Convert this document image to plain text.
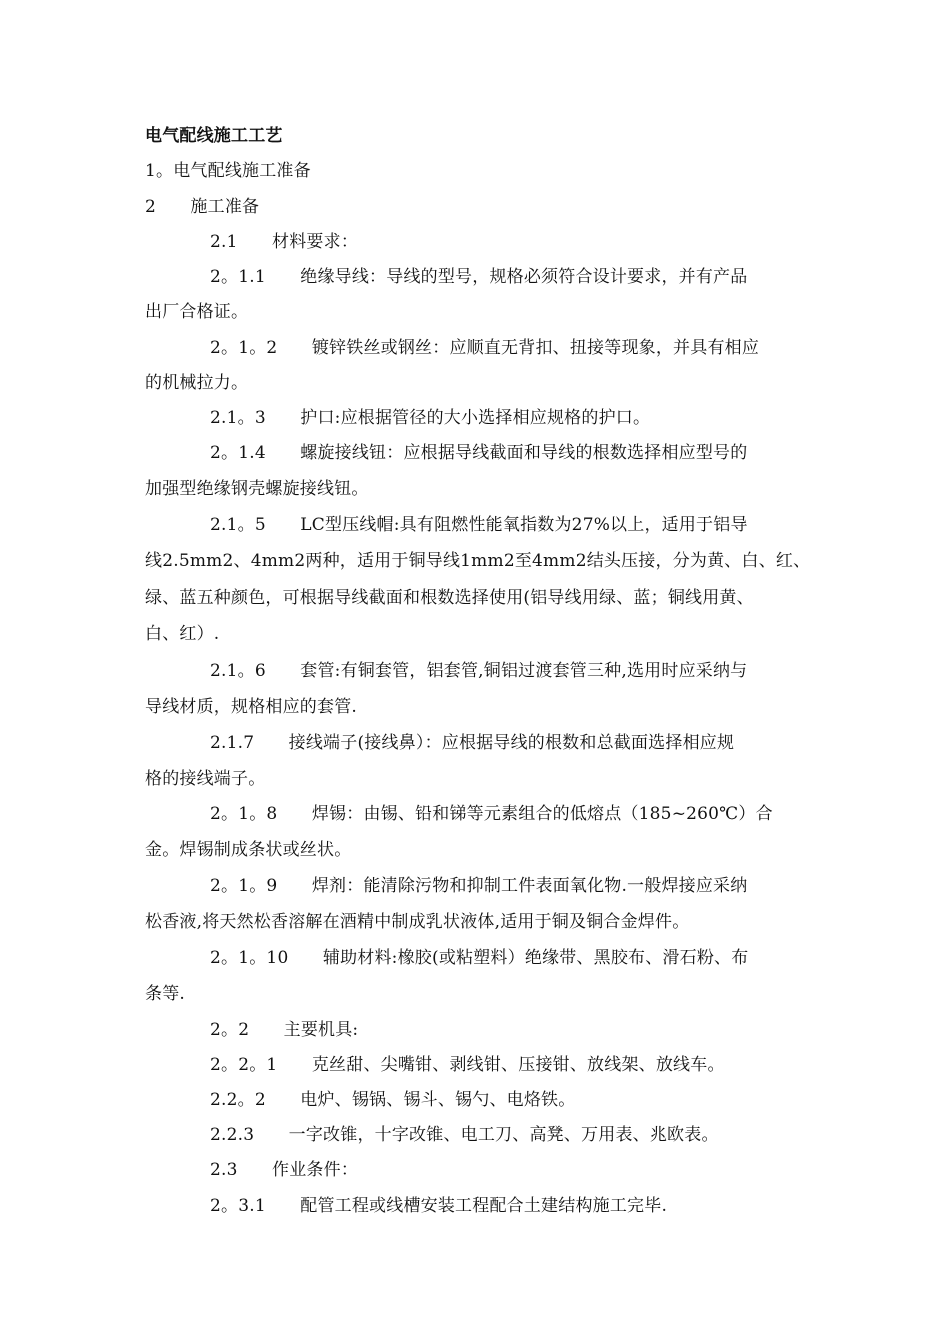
电气配线施工工艺
1。电气配线施工准备
2　　施工准备
2.1　　材料要求：
2。1.1　　绝缘导线：导线的型号，规格必须符合设计要求，并有产品
出厂合格证。
2。1。2　　镀锌铁丝或钢丝：应顺直无背扣、扭接等现象，并具有相应
的机械拉力。
2.1。3　　护口:应根据管径的大小选择相应规格的护口。
2。1.4　　螺旋接线钮：应根据导线截面和导线的根数选择相应型号的
加强型绝缘钢壳螺旋接线钮。
2.1。5　　LC型压线帽:具有阻燃性能氧指数为27%以上，适用于铝导
线2.5mm2、4mm2两种，适用于铜导线1mm2至4mm2结头压接，分为黄、白、红、
绿、蓝五种颜色，可根据导线截面和根数选择使用(铝导线用绿、蓝；铜线用黄、
白、红）.
2.1。6　　套管:有铜套管，铝套管,铜铝过渡套管三种,选用时应采纳与
导线材质，规格相应的套管.
2.1.7　　接线端子(接线鼻）：应根据导线的根数和总截面选择相应规
格的接线端子。
2。1。8　　焊锡：由锡、铅和锑等元素组合的低熔点（185~260℃）合
金。焊锡制成条状或丝状。
2。1。9　　焊剂：能清除污物和抑制工件表面氧化物.一般焊接应采纳
松香液,将天然松香溶解在酒精中制成乳状液体,适用于铜及铜合金焊件。
2。1。10　　辅助材料:橡胶(或粘塑料）绝缘带、黑胶布、滑石粉、布
条等.
2。2　　主要机具:
2。2。1　　克丝甜、尖嘴钳、剥线钳、压接钳、放线架、放线车。
2.2。2　　电炉、锡锅、锡斗、锡勺、电烙铁。
2.2.3　　一字改锥，十字改锥、电工刀、高凳、万用表、兆欧表。
2.3　　作业条件：
2。3.1　　配管工程或线槽安装工程配合土建结构施工完毕.
